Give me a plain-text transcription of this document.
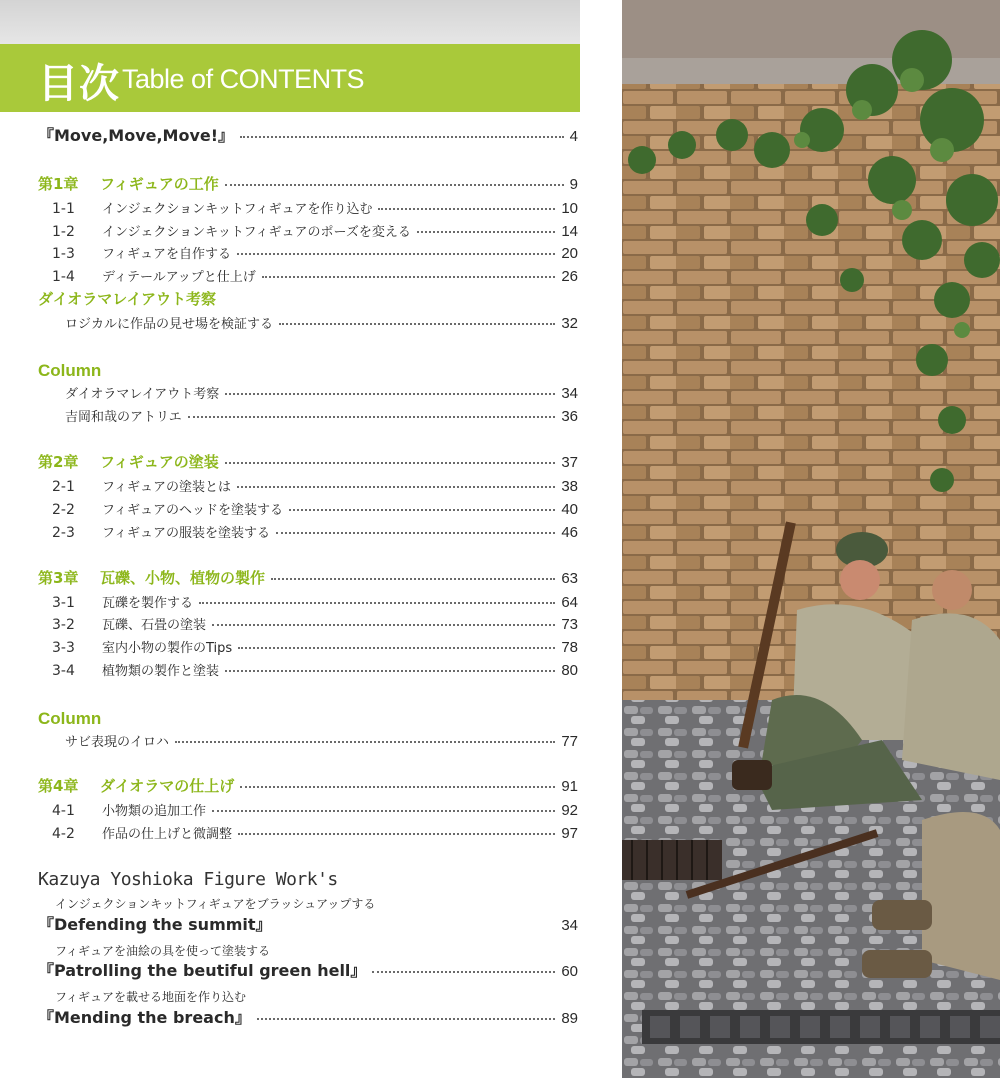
目次 Table of CONTENTS
『Move,Move,Move!』	4
第1章 フィギュアの工作	9
1-1	インジェクションキットフィギュアを作り込む	10
1-2	インジェクションキットフィギュアのポーズを変える	14
1-3	フィギュアを自作する	20
1-4	ディテールアップと仕上げ	26
ダイオラマレイアウト考察
ロジカルに作品の見せ場を検証する	32
Column
ダイオラマレイアウト考察	34
吉岡和哉のアトリエ	36
第2章 フィギュアの塗装	37
2-1	フィギュアの塗装とは	38
2-2	フィギュアのヘッドを塗装する	40
2-3	フィギュアの服装を塗装する	46
第3章 瓦礫、小物、植物の製作	63
3-1	瓦礫を製作する	64
3-2	瓦礫、石畳の塗装	73
3-3	室内小物の製作のTips	78
3-4	植物類の製作と塗装	80
Column
サビ表現のイロハ	77
第4章 ダイオラマの仕上げ	91
4-1	小物類の追加工作	92
4-2	作品の仕上げと微調整	97
Kazuya Yoshioka Figure Work's
インジェクションキットフィギュアをブラッシュアップする
『Defending the summit』	34
フィギュアを油絵の具を使って塗装する
『Patrolling the beutiful green hell』	60
フィギュアを載せる地面を作り込む
『Mending the breach』	89
